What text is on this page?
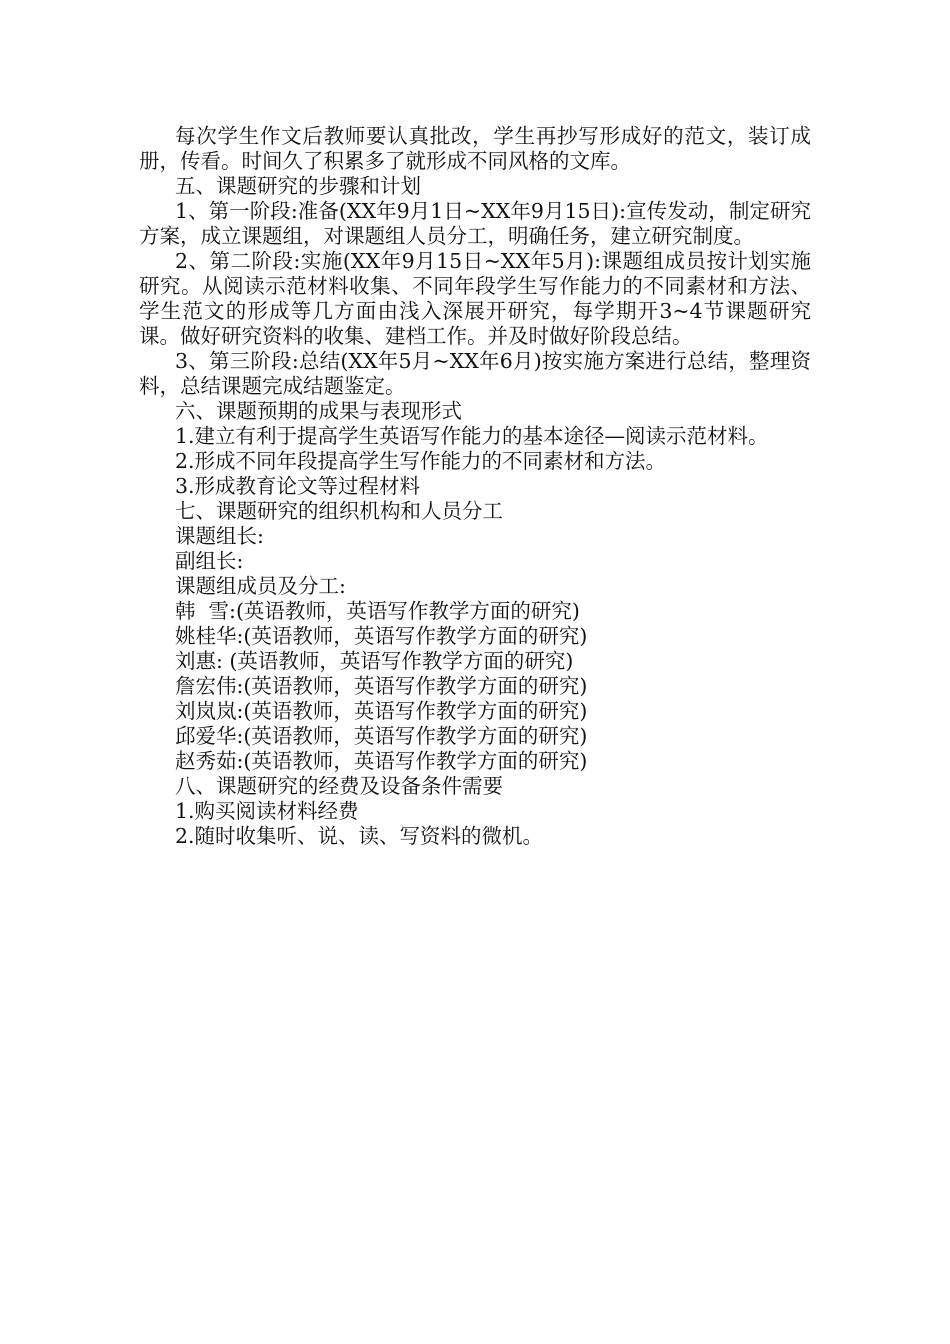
每次学生作文后教师要认真批改，学生再抄写形成好的范文，装订成册，传看。时间久了积累多了就形成不同风格的文库。

五、课题研究的步骤和计划

1、第一阶段:准备(XX年9月1日~XX年9月15日):宣传发动，制定研究方案，成立课题组，对课题组人员分工，明确任务，建立研究制度。

2、第二阶段:实施(XX年9月15日~XX年5月):课题组成员按计划实施研究。从阅读示范材料收集、不同年段学生写作能力的不同素材和方法、学生范文的形成等几方面由浅入深展开研究，每学期开3~4节课题研究课。做好研究资料的收集、建档工作。并及时做好阶段总结。

3、第三阶段:总结(XX年5月~XX年6月)按实施方案进行总结，整理资料，总结课题完成结题鉴定。

六、课题预期的成果与表现形式

1.建立有利于提高学生英语写作能力的基本途径—阅读示范材料。

2.形成不同年段提高学生写作能力的不同素材和方法。

3.形成教育论文等过程材料

七、课题研究的组织机构和人员分工

课题组长:

副组长:

课题组成员及分工:

韩  雪:(英语教师，英语写作教学方面的研究)

姚桂华:(英语教师，英语写作教学方面的研究)

刘惠: (英语教师，英语写作教学方面的研究)

詹宏伟:(英语教师，英语写作教学方面的研究)

刘岚岚:(英语教师，英语写作教学方面的研究)

邱爱华:(英语教师，英语写作教学方面的研究)

赵秀茹:(英语教师，英语写作教学方面的研究)

八、课题研究的经费及设备条件需要

1.购买阅读材料经费

2.随时收集听、说、读、写资料的微机。
